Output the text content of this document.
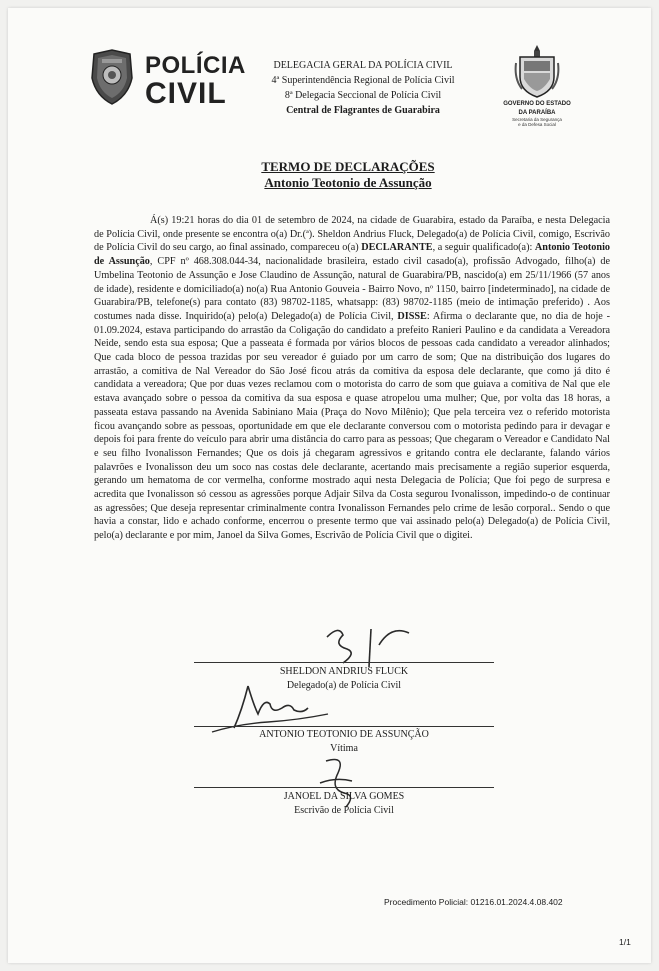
POLÍCIA
CIVIL
DELEGACIA GERAL DA POLÍCIA CIVIL
4ª Superintendência Regional de Polícia Civil
8ª Delegacia Seccional de Polícia Civil
Central de Flagrantes de Guarabira
GOVERNO DO ESTADO
DA PARAÍBA
Secretaria da Segurança
e da Defesa Social
TERMO DE DECLARAÇÕES
Antonio Teotonio de Assunção

Á(s) 19:21 horas do dia 01 de setembro de 2024, na cidade de Guarabira, estado da Paraíba, e nesta Delegacia de Polícia Civil, onde presente se encontra o(a) Dr.(ª). Sheldon Andrius Fluck, Delegado(a) de Polícia Civil, comigo, Escrivão de Polícia Civil do seu cargo, ao final assinado, compareceu o(a) DECLARANTE, a seguir qualificado(a): Antonio Teotonio de Assunção, CPF nº 468.308.044-34, nacionalidade brasileira, estado civil casado(a), profissão Advogado, filho(a) de Umbelina Teotonio de Assunção e Jose Claudino de Assunção, natural de Guarabira/PB, nascido(a) em 25/11/1966 (57 anos de idade), residente e domiciliado(a) no(a) Rua Antonio Gouveia - Bairro Novo, nº 1150, bairro [indeterminado], na cidade de Guarabira/PB, telefone(s) para contato (83) 98702-1185, whatsapp: (83) 98702-1185 (meio de intimação preferido) . Aos costumes nada disse. Inquirido(a) pelo(a) Delegado(a) de Polícia Civil, DISSE: Afirma o declarante que, no dia de hoje - 01.09.2024, estava participando do arrastão da Coligação do candidato a prefeito Ranieri Paulino e da candidata a Vereadora Neide, sendo esta sua esposa; Que a passeata é formada por vários blocos de pessoas cada candidato a vereador alinhados; Que cada bloco de pessoa trazidas por seu vereador é guiado por um carro de som; Que na distribuição dos lugares do arrastão, a comitiva de Nal Vereador do São José ficou atrás da comitiva da esposa dele declarante, que como já dito é candidata a vereadora; Que por duas vezes reclamou com o motorista do carro de som que guiava a comitiva de Nal que ele estava avançado sobre o pessoa da comitiva da sua esposa e quase atropelou uma mulher; Que, por volta das 18 horas, a passeata estava passando na Avenida Sabiniano Maia (Praça do Novo Milênio); Que pela terceira vez o referido motorista ficou avançando sobre as pessoas, oportunidade em que ele declarante conversou com o motorista pedindo para ir devagar e depois foi para frente do veículo para abrir uma distância do carro para as pessoas; Que chegaram o Vereador e Candidato Nal e seu filho Ivonalisson Fernandes; Que os dois já chegaram agressivos e gritando contra ele declarante, falando vários palavrões e Ivonalisson deu um soco nas costas dele declarante, acertando mais precisamente a região superior esquerda, gerando um hematoma de cor vermelha, conforme mostrado aqui nesta Delegacia de Polícia; Que foi pego de surpresa e acredita que Ivonalisson só cessou as agressões porque Adjair Silva da Costa segurou Ivonalisson, impedindo-o de continuar as agressões; Que deseja representar criminalmente contra Ivonalisson Fernandes pelo crime de lesão corporal.. Sendo o que havia a constar, lido e achado conforme, encerrou o presente termo que vai assinado pelo(a) Delegado(a) de Polícia Civil, pelo(a) declarante e por mim, Janoel da Silva Gomes, Escrivão de Polícia Civil que o digitei.

SHELDON ANDRIUS FLUCK
Delegado(a) de Polícia Civil
ANTONIO TEOTONIO DE ASSUNÇÃO
Vítima
JANOEL DA SILVA GOMES
Escrivão de Polícia Civil
Procedimento Policial: 01216.01.2024.4.08.402
1/1
